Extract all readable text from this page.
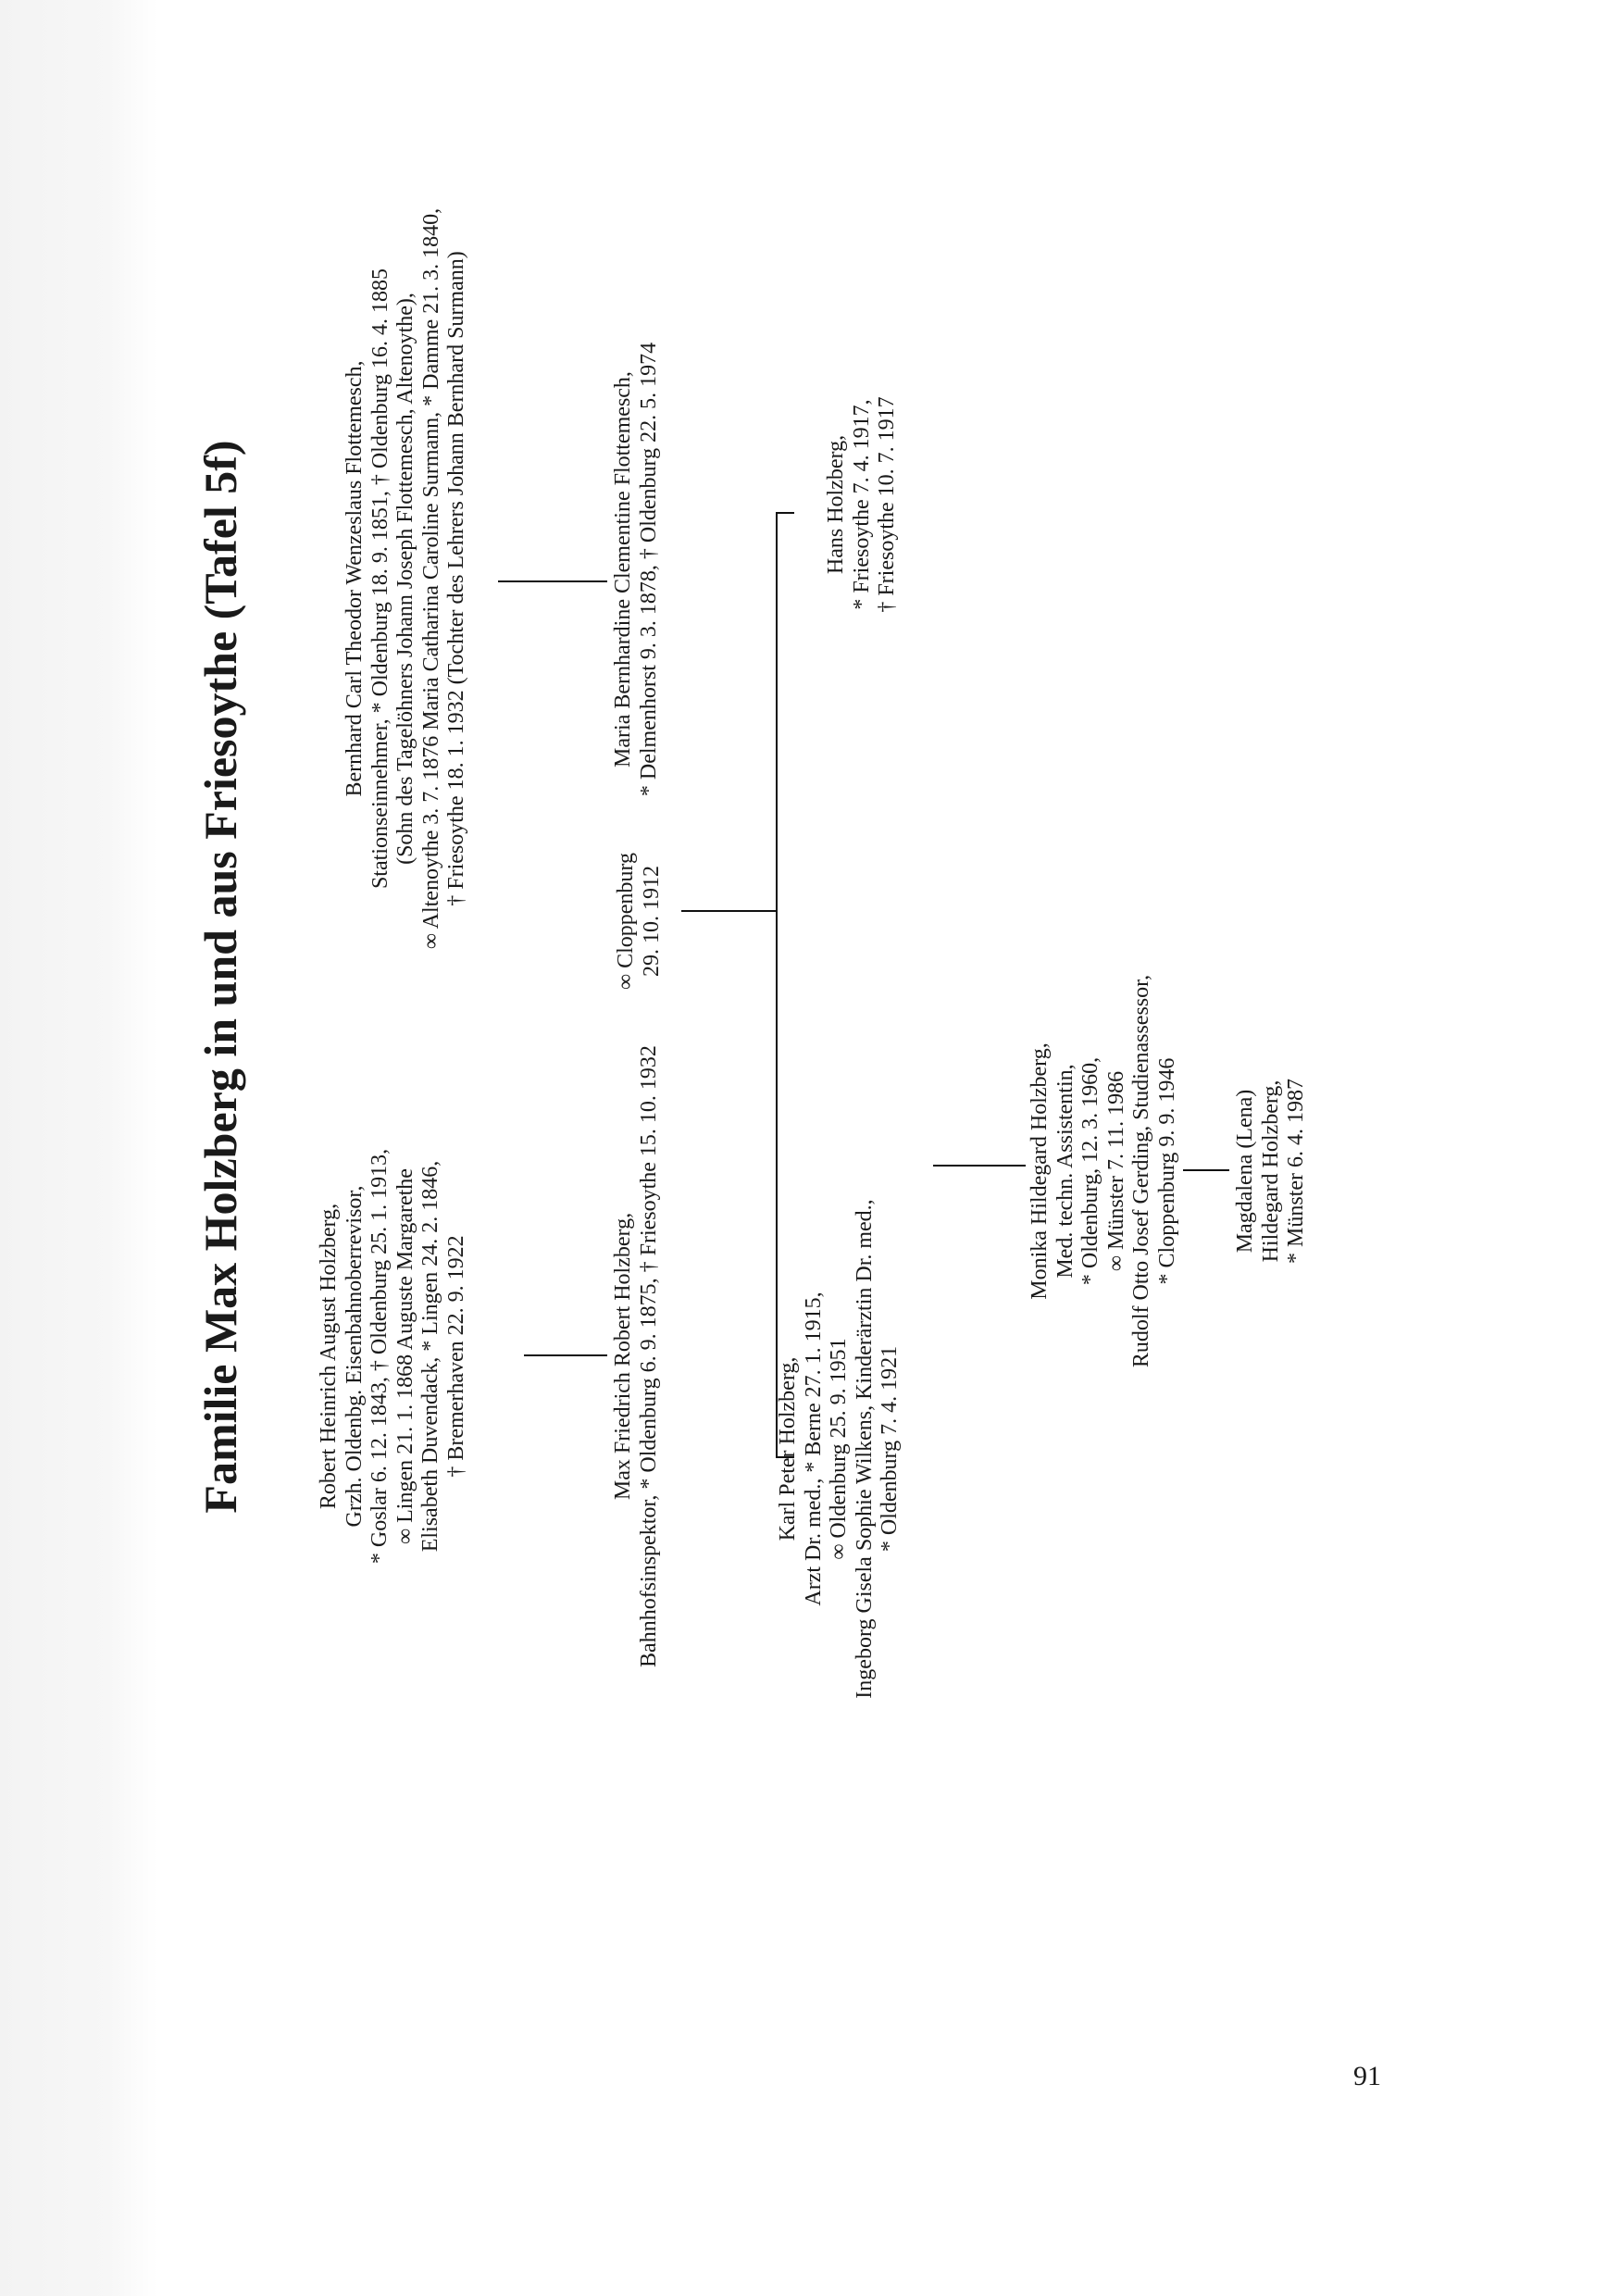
Familie Max Holzberg in und aus Friesoythe (Tafel 5f)	Robert Heinrich August Holzberg, Grzh. Oldenbg. Eisenbahnoberrevisor, * Goslar 6. 12. 1843, † Oldenburg 25. 1. 1913, ∞ Lingen 21. 1. 1868 Auguste Margarethe Elisabeth Duvendack, * Lingen 24. 2. 1846, † Bremerhaven 22. 9. 1922
Bernhard Carl Theodor Wenzeslaus Flottemesch, Stationseinnehmer, * Oldenburg 18. 9. 1851, † Oldenburg 16. 4. 1885 (Sohn des Tagelöhners Johann Joseph Flottemesch, Altenoythe), ∞ Altenoythe 3. 7. 1876 Maria Catharina Caroline Surmann, * Damme 21. 3. 1840, † Friesoythe 18. 1. 1932 (Tochter des Lehrers Johann Bernhard Surmann)
Max Friedrich Robert Holzberg, Bahnhofsinspektor, * Oldenburg 6. 9. 1875, † Friesoythe 15. 10. 1932
∞ Cloppenburg 29. 10. 1912
Maria Bernhardine Clementine Flottemesch, * Delmenhorst 9. 3. 1878, † Oldenburg 22. 5. 1974
Karl Peter Holzberg, Arzt Dr. med., * Berne 27. 1. 1915, ∞ Oldenburg 25. 9. 1951 Ingeborg Gisela Sophie Wilkens, Kinderärztin Dr. med., * Oldenburg 7. 4. 1921
Hans Holzberg, * Friesoythe 7. 4. 1917, † Friesoythe 10. 7. 1917
Monika Hildegard Holzberg, Med. techn. Assistentin, * Oldenburg, 12. 3. 1960, ∞ Münster 7. 11. 1986 Rudolf Otto Josef Gerding, Studienassessor, * Cloppenburg 9. 9. 1946 Magdalena (Lena) Hildegard Holzberg, * Münster 6. 4. 1987
91
